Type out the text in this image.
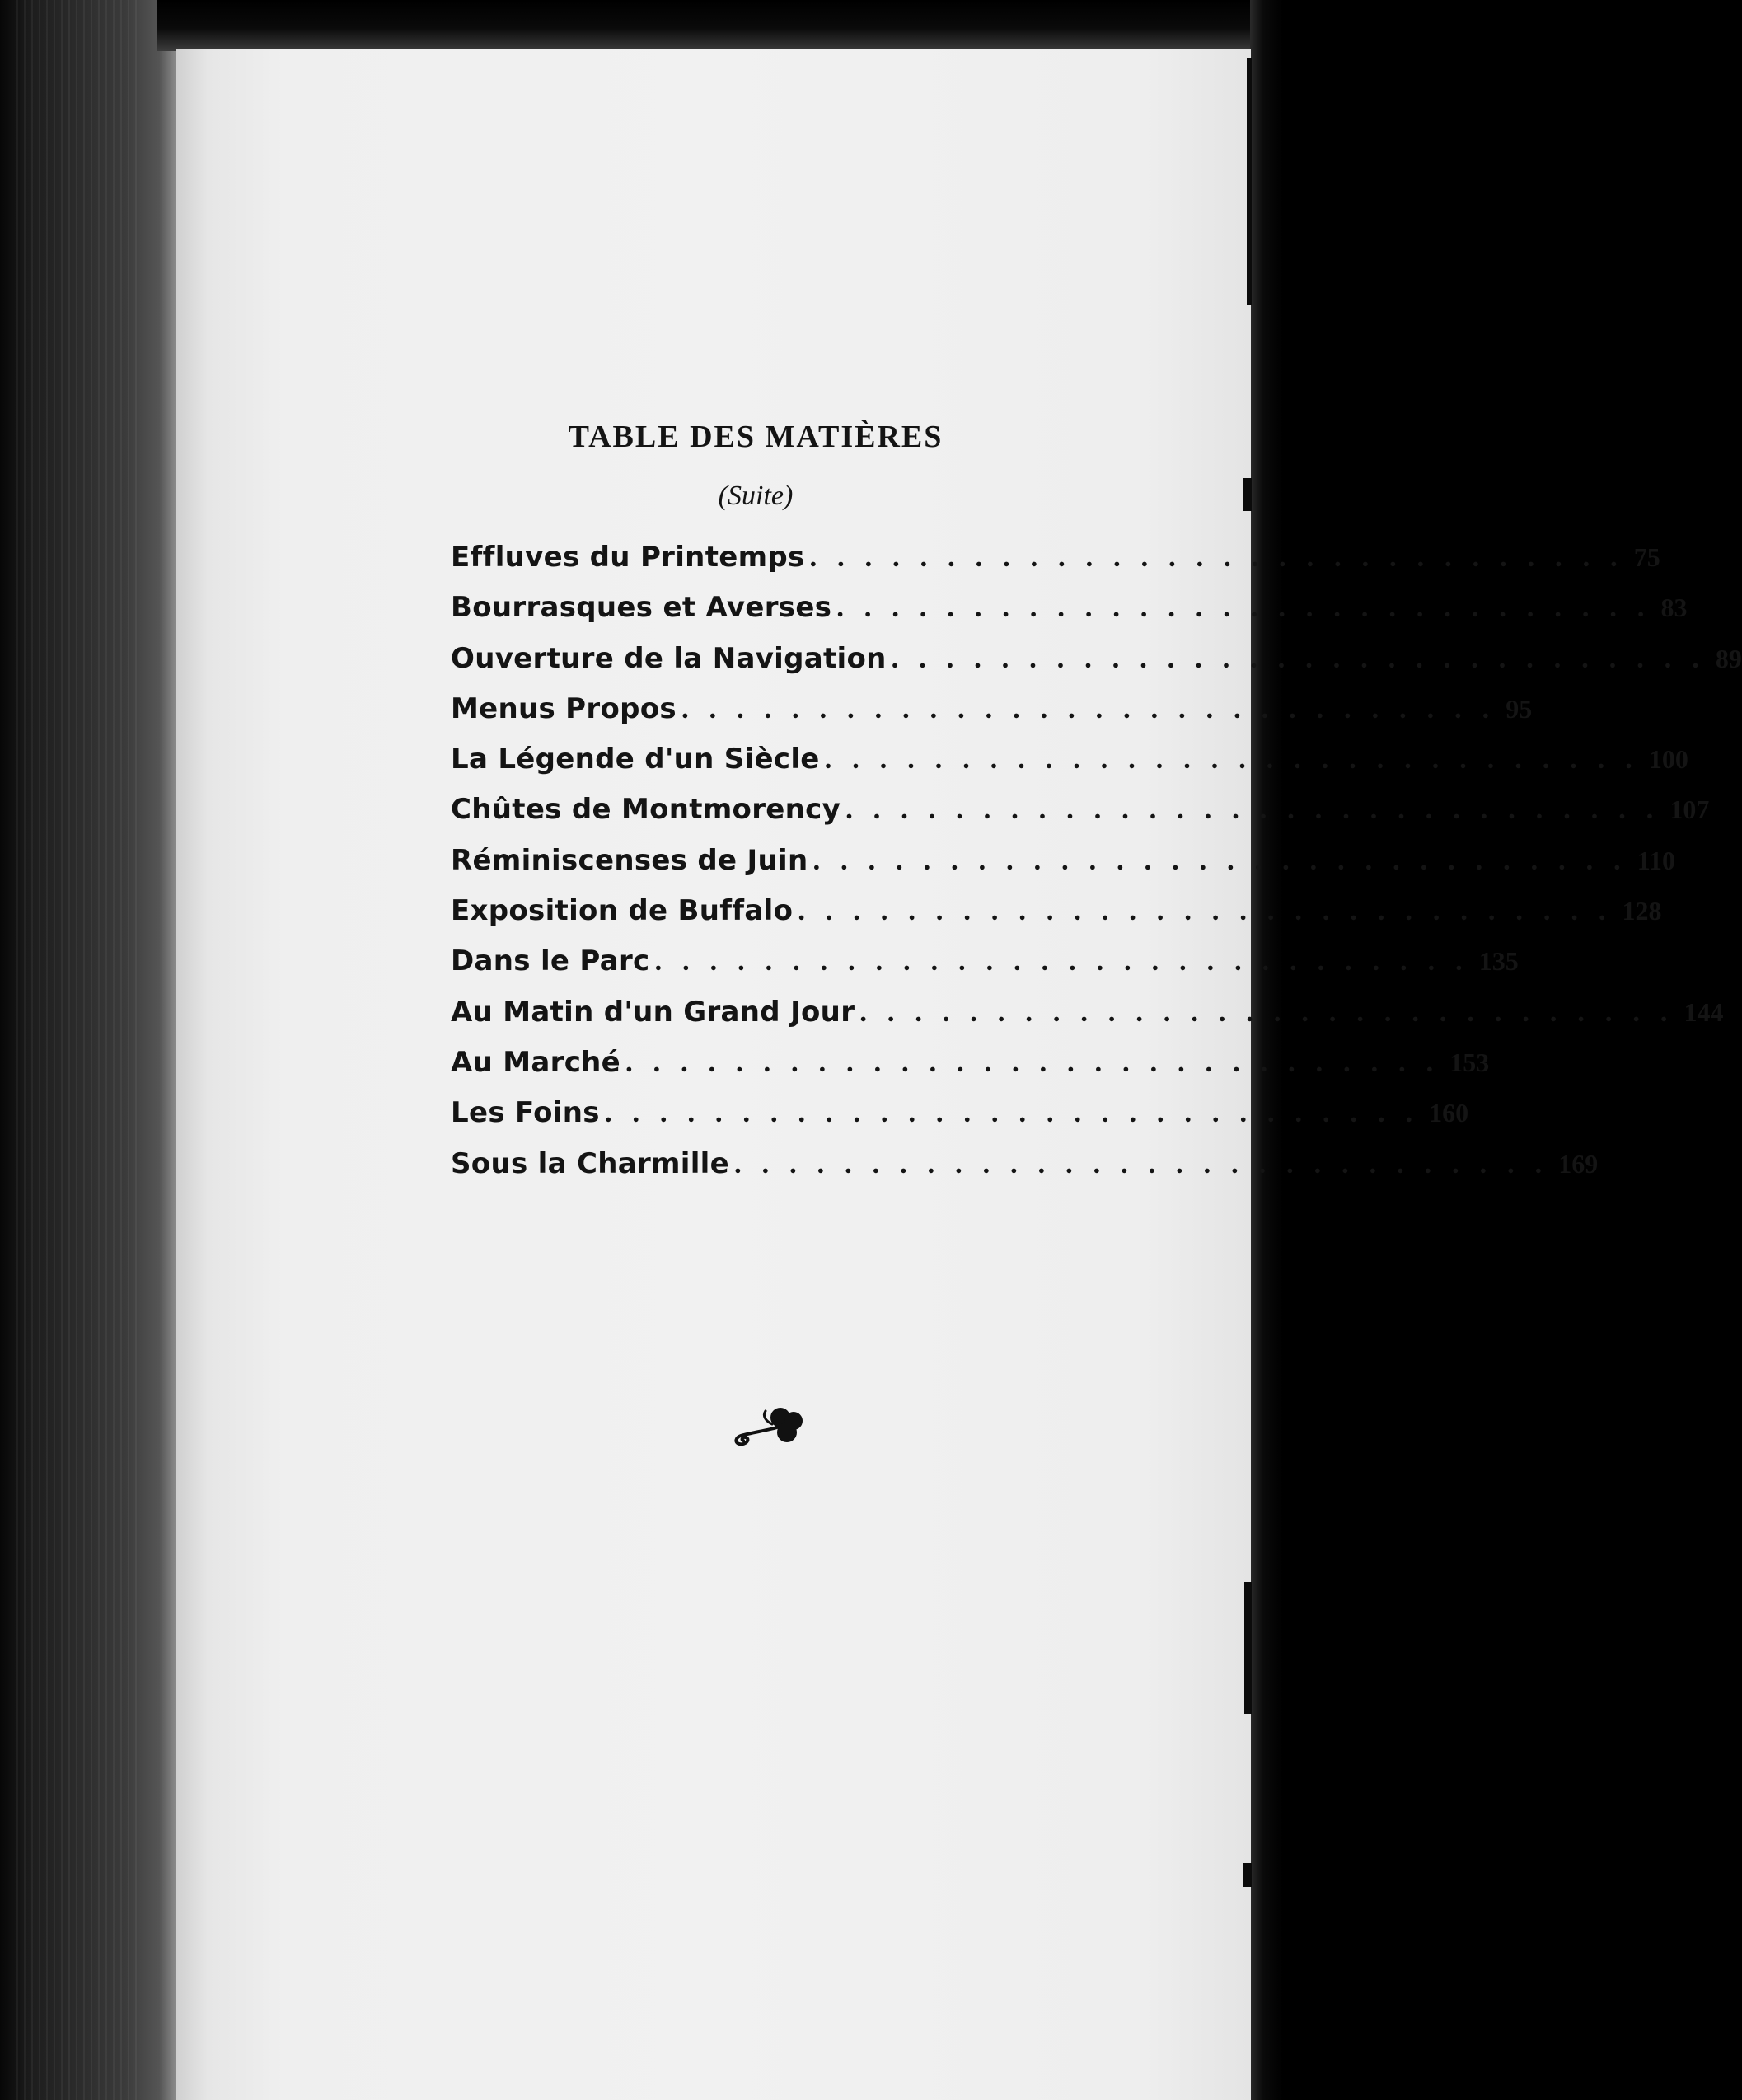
TABLE DES MATIÈRES
(Suite)
Effluves du Printemps . . . . . . . . . . . . . . . . . . . . . . . . . . . . . . 75
Bourrasques et Averses . . . . . . . . . . . . . . . . . . . . . . . . . . . . . . 83
Ouverture de la Navigation . . . . . . . . . . . . . . . . . . . . . . . . . . . . . . 89
Menus Propos . . . . . . . . . . . . . . . . . . . . . . . . . . . . . . 95
La Légende d'un Siècle . . . . . . . . . . . . . . . . . . . . . . . . . . . . . . 100
Chûtes de Montmorency . . . . . . . . . . . . . . . . . . . . . . . . . . . . . . 107
Réminiscenses de Juin . . . . . . . . . . . . . . . . . . . . . . . . . . . . . . 110
Exposition de Buffalo . . . . . . . . . . . . . . . . . . . . . . . . . . . . . . 128
Dans le Parc . . . . . . . . . . . . . . . . . . . . . . . . . . . . . . 135
Au Matin d'un Grand Jour . . . . . . . . . . . . . . . . . . . . . . . . . . . . . . 144
Au Marché . . . . . . . . . . . . . . . . . . . . . . . . . . . . . . 153
Les Foins . . . . . . . . . . . . . . . . . . . . . . . . . . . . . . 160
Sous la Charmille . . . . . . . . . . . . . . . . . . . . . . . . . . . . . . 169
